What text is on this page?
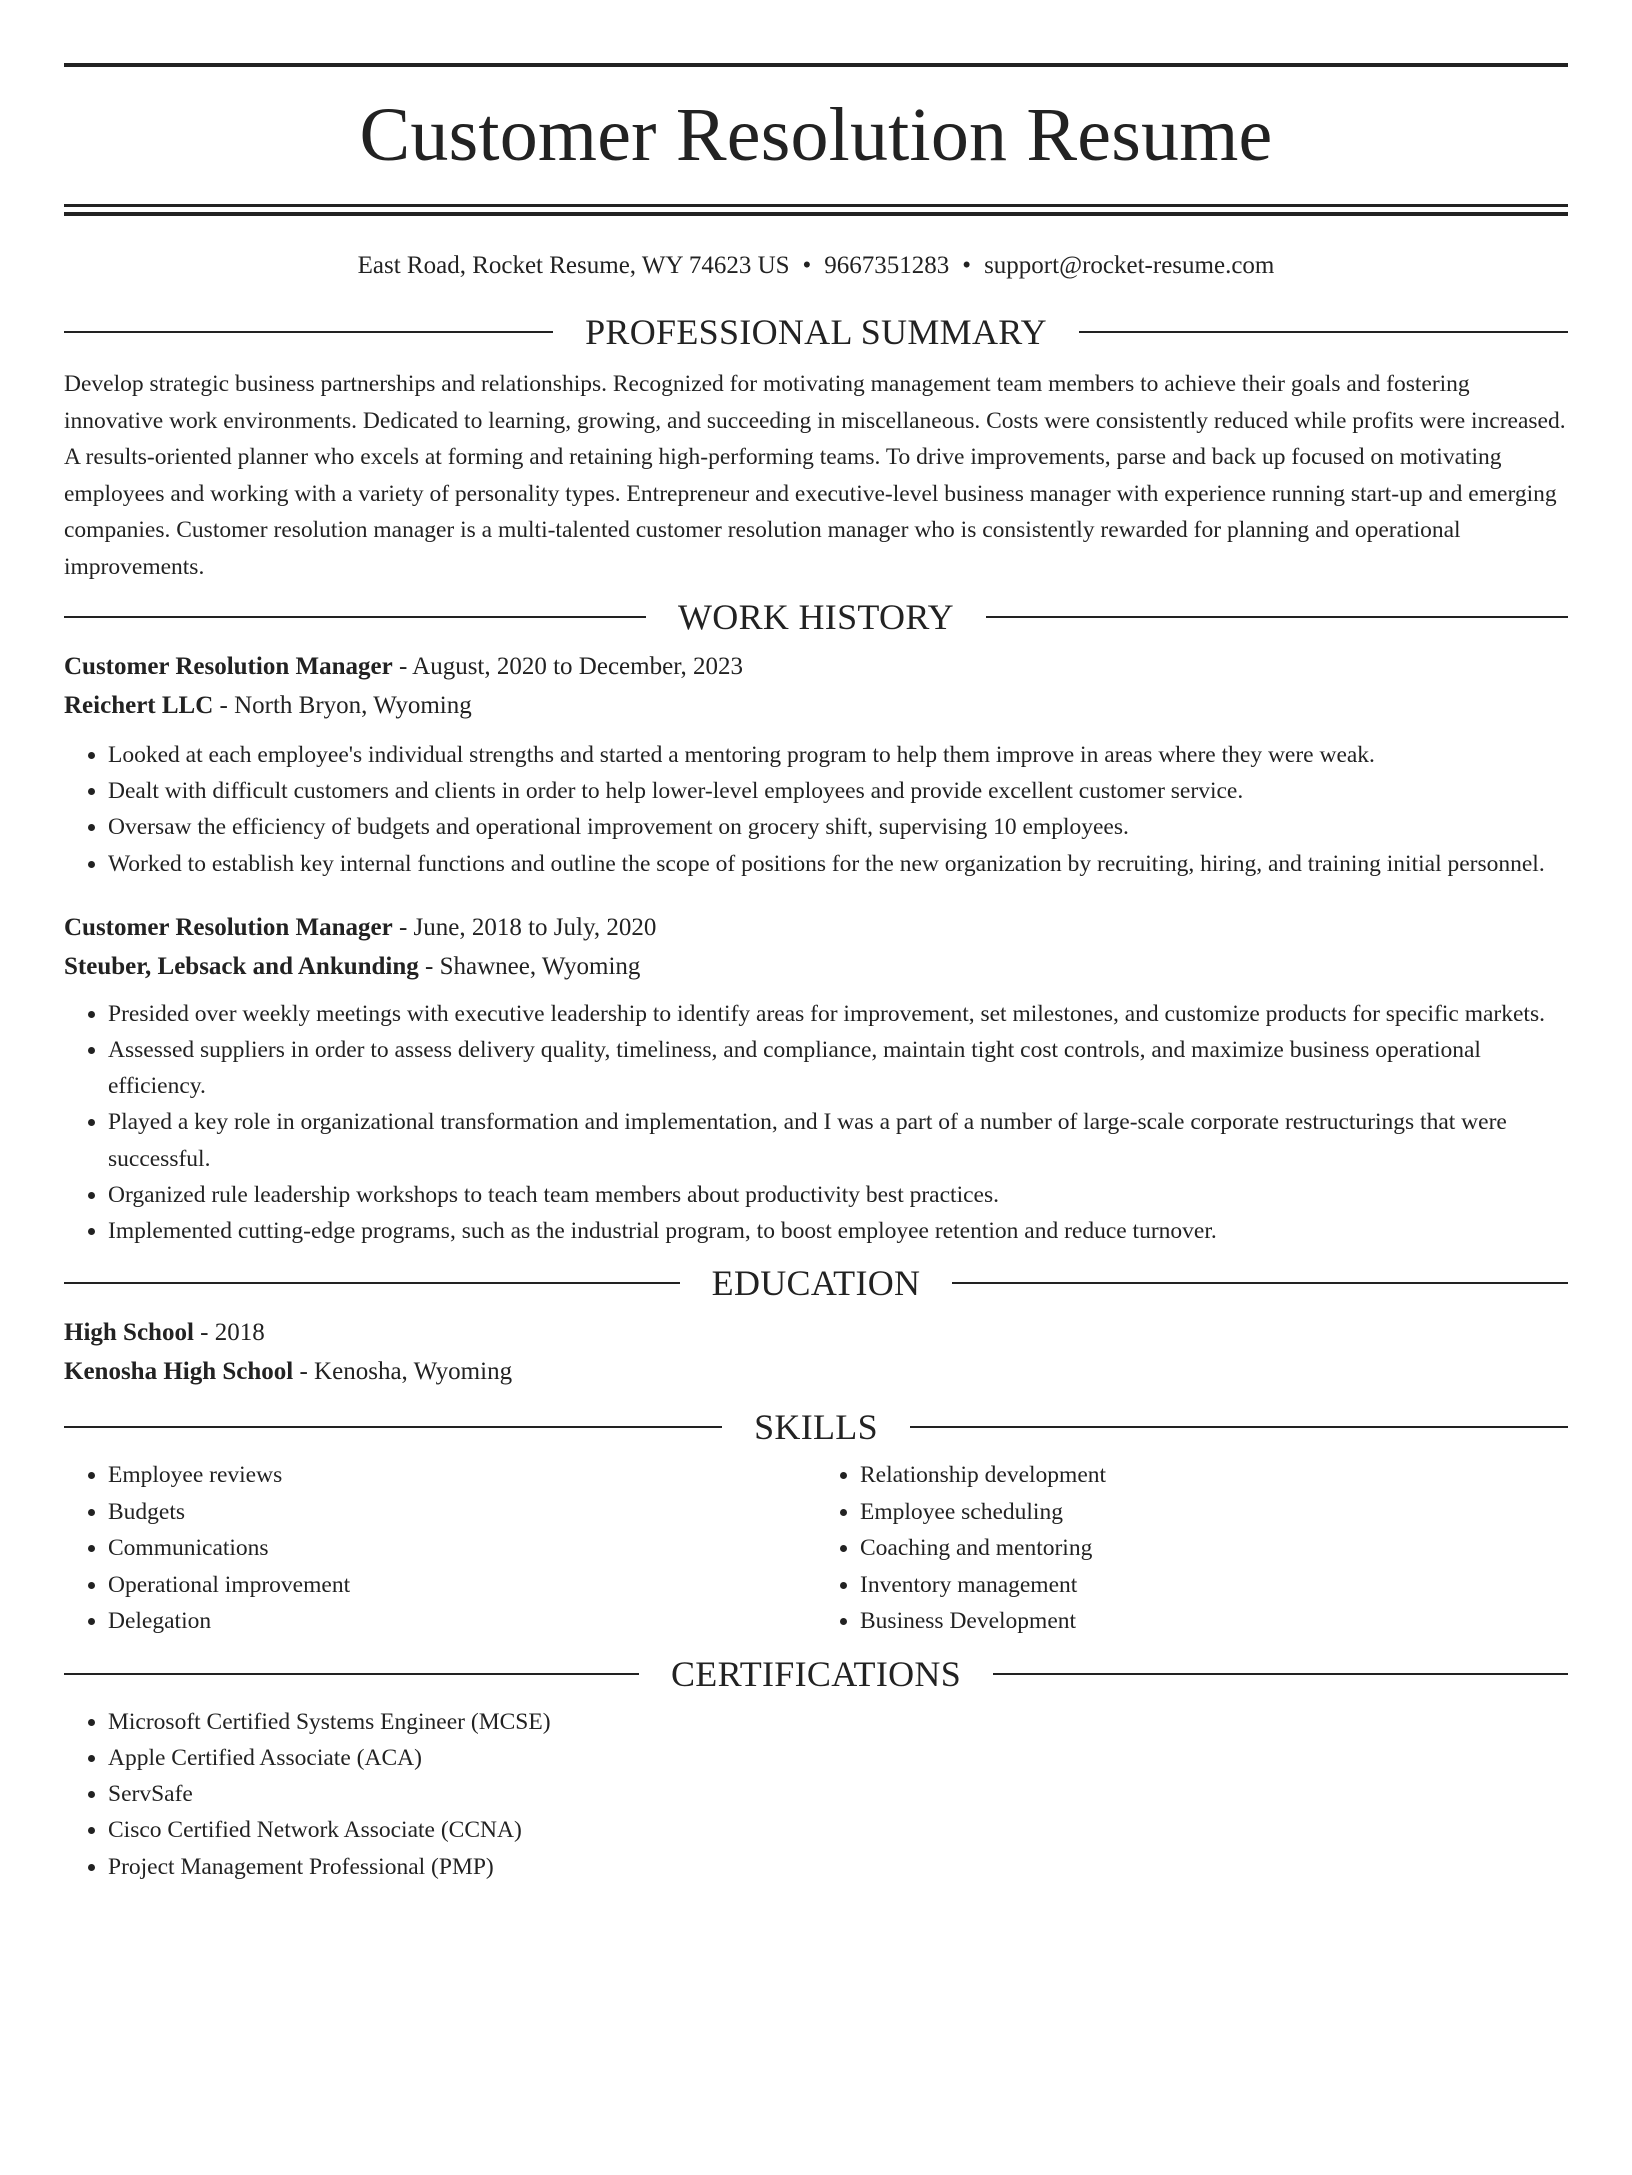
Customer Resolution Resume
East Road, Rocket Resume, WY 74623 US • 9667351283 • support@rocket-resume.com
PROFESSIONAL SUMMARY

Develop strategic business partnerships and relationships. Recognized for motivating management team members to achieve their goals and fostering innovative work environments. Dedicated to learning, growing, and succeeding in miscellaneous. Costs were consistently reduced while profits were increased. A results-oriented planner who excels at forming and retaining high-performing teams. To drive improvements, parse and back up focused on motivating employees and working with a variety of personality types. Entrepreneur and executive-level business manager with experience running start-up and emerging companies. Customer resolution manager is a multi-talented customer resolution manager who is consistently rewarded for planning and operational improvements.

WORK HISTORY

Customer Resolution Manager - August, 2020 to December, 2023

Reichert LLC - North Bryon, Wyoming

• Looked at each employee's individual strengths and started a mentoring program to help them improve in areas where they were weak.
• Dealt with difficult customers and clients in order to help lower-level employees and provide excellent customer service.
• Oversaw the efficiency of budgets and operational improvement on grocery shift, supervising 10 employees.
• Worked to establish key internal functions and outline the scope of positions for the new organization by recruiting, hiring, and training initial personnel.

Customer Resolution Manager - June, 2018 to July, 2020

Steuber, Lebsack and Ankunding - Shawnee, Wyoming

• Presided over weekly meetings with executive leadership to identify areas for improvement, set milestones, and customize products for specific markets.
• Assessed suppliers in order to assess delivery quality, timeliness, and compliance, maintain tight cost controls, and maximize business operational efficiency.
• Played a key role in organizational transformation and implementation, and I was a part of a number of large-scale corporate restructurings that were successful.
• Organized rule leadership workshops to teach team members about productivity best practices.
• Implemented cutting-edge programs, such as the industrial program, to boost employee retention and reduce turnover.
EDUCATION

High School - 2018

Kenosha High School - Kenosha, Wyoming

SKILLS
• Employee reviews
• Budgets
• Communications
• Operational improvement
• Delegation
• Relationship development
• Employee scheduling
• Coaching and mentoring
• Inventory management
• Business Development
CERTIFICATIONS
• Microsoft Certified Systems Engineer (MCSE)
• Apple Certified Associate (ACA)
• ServSafe
• Cisco Certified Network Associate (CCNA)
• Project Management Professional (PMP)
